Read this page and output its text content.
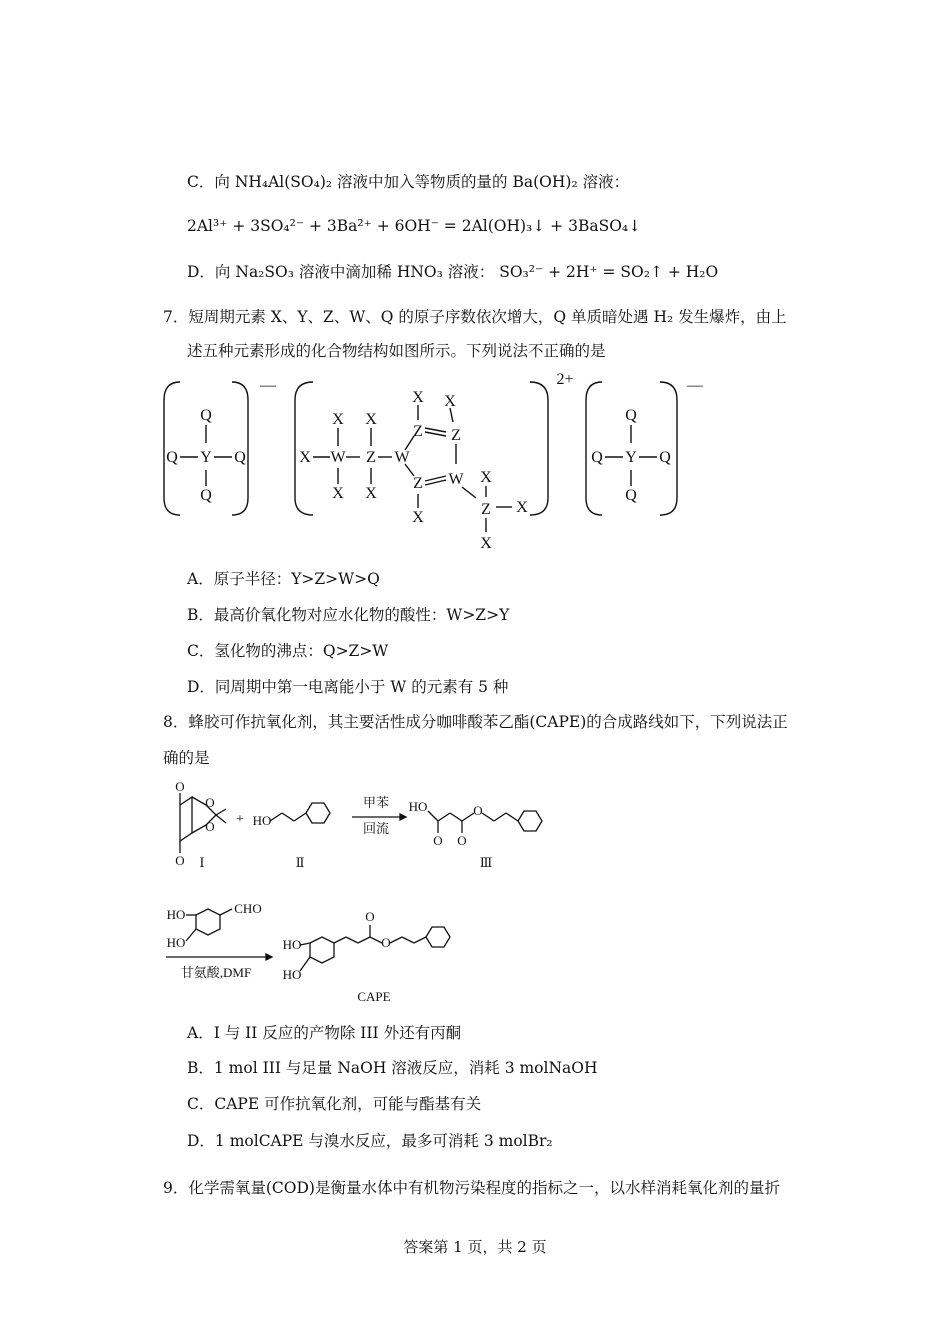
C．向 NH₄Al(SO₄)₂ 溶液中加入等物质的量的 Ba(OH)₂ 溶液：
2Al³⁺ + 3SO₄²⁻ + 3Ba²⁺ + 6OH⁻ = 2Al(OH)₃↓ + 3BaSO₄↓
D．向 Na₂SO₃ 溶液中滴加稀 HNO₃ 溶液： SO₃²⁻ + 2H⁺ = SO₂↑ + H₂O
7．短周期元素 X、Y、Z、W、Q 的原子序数依次增大，Q 单质暗处遇 H₂ 发生爆炸，由上
述五种元素形成的化合物结构如图所示。下列说法不正确的是
—	2+	—
Q
Q Y Q
Q
Q
Q Y Q
Q
X W Z W
X X
X X
X X
Z Z
Z W
X
X
Z X
X
A．原子半径：Y>Z>W>Q
B．最高价氧化物对应水化物的酸性：W>Z>Y
C．氢化物的沸点：Q>Z>W
D．同周期中第一电离能小于 W 的元素有 5 种
8．蜂胶可作抗氧化剂，其主要活性成分咖啡酸苯乙酯(CAPE)的合成路线如下，下列说法正
确的是
O
O
O
O + HO
甲苯
回流
HO
O O
O
Ⅰ	Ⅱ	Ⅲ
HO
HO
CHO
甘氨酸,DMF
HO
HO
O
O
CAPE
A．I 与 II 反应的产物除 III 外还有丙酮
B．1 mol III 与足量 NaOH 溶液反应，消耗 3 molNaOH
C．CAPE 可作抗氧化剂，可能与酯基有关
D．1 molCAPE 与溴水反应，最多可消耗 3 molBr₂
9．化学需氧量(COD)是衡量水体中有机物污染程度的指标之一，以水样消耗氧化剂的量折
答案第 1 页，共 2 页
